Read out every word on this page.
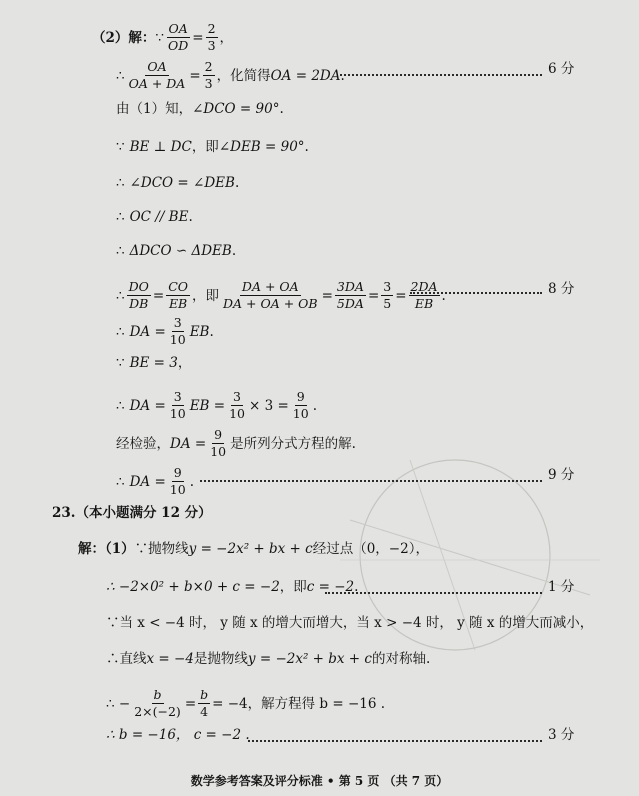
（2）解： ∵ $\frac{OA}{OD} = \frac{2}{3}$ ，
∴ $\frac{OA}{OA + DA} = \frac{2}{3}$ ，化简得 OA = 2DA .	6 分
由（1）知， ∠DCO = 90° .
∵ BE ⊥ DC ，即 ∠DEB = 90° .
∴ ∠DCO = ∠DEB .
∴ OC // BE .
∴ ΔDCO ∽ ΔDEB .
∴ $\frac{DO}{DB} = \frac{CO}{EB}$ ，即 $\frac{DA + OA}{DA + OA + OB} = \frac{3DA}{5DA} = \frac{3}{5} = \frac{2DA}{EB}$ .	8 分
∴ DA = $\frac{3}{10}$ EB .
∵ BE = 3 ，
∴ DA = $\frac{3}{10}$ EB = $\frac{3}{10} \times 3 = \frac{9}{10}$ .
经检验， DA = $\frac{9}{10}$ 是所列分式方程的解.
∴ DA = $\frac{9}{10}$ .	9 分
23.（本小题满分 12 分）
解：（1） ∵抛物线 y = −2x² + bx + c 经过点（0，−2），
∴ −2×0² + b×0 + c = −2 ，即 c = −2 .	1 分
∵当 x < −4 时， y 随 x 的增大而增大，当 x > −4 时， y 随 x 的增大而减小，
∴直线 x = −4 是抛物线 y = −2x² + bx + c 的对称轴.
∴ − $\frac{b}{2\times(-2)} = \frac{b}{4} = -4$，解方程得 b = −16 .
∴ b = −16， c = −2 .	3 分
数学参考答案及评分标准 • 第 5 页 （共 7 页）
